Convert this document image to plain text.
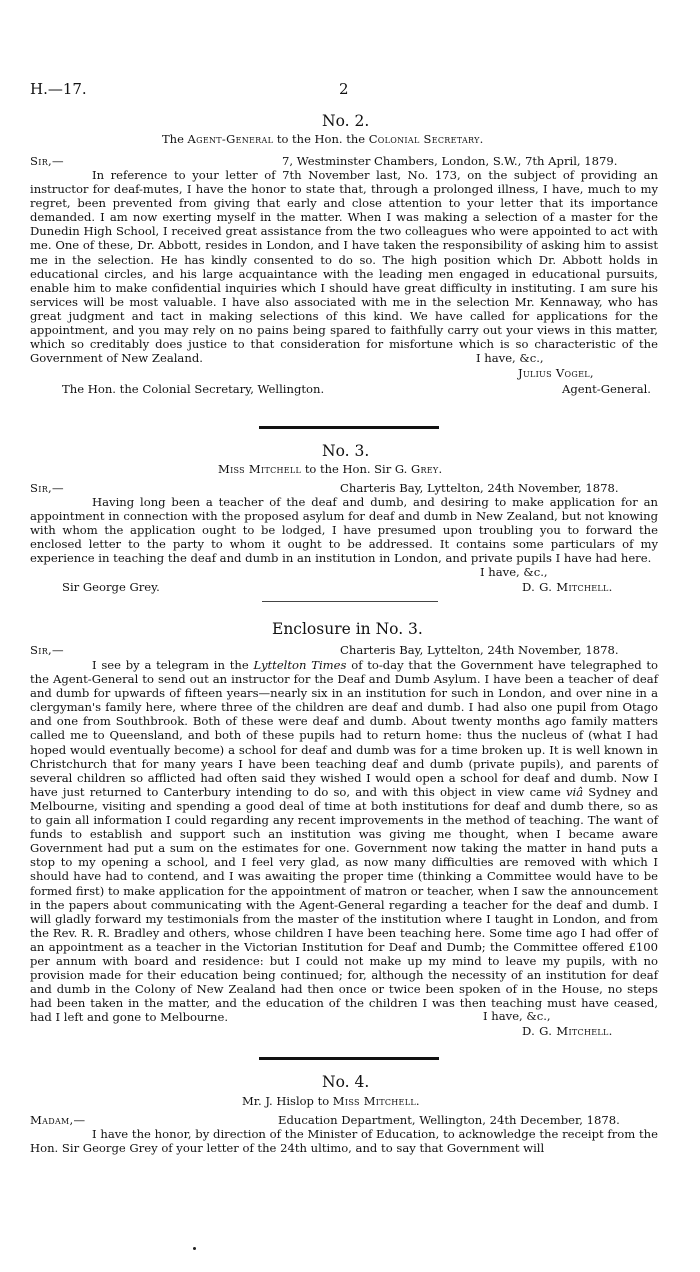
H.—17.	2
No. 2.
The Agent-General to the Hon. the Colonial Secretary.
Sir,—	7, Westminster Chambers, London, S.W., 7th April, 1879.

In reference to your letter of 7th November last, No. 173, on the subject of providing an instructor for deaf-mutes, I have the honor to state that, through a prolonged illness, I have, much to my regret, been prevented from giving that early and close attention to your letter that its importance demanded. I am now exerting myself in the matter. When I was making a selection of a master for the Dunedin High School, I received great assistance from the two colleagues who were appointed to act with me. One of these, Dr. Abbott, resides in London, and I have taken the responsibility of asking him to assist me in the selection. He has kindly consented to do so. The high position which Dr. Abbott holds in educational circles, and his large acquaintance with the leading men engaged in educational pursuits, enable him to make confidential inquiries which I should have great difficulty in instituting. I am sure his services will be most valuable. I have also associated with me in the selection Mr. Kennaway, who has great judgment and tact in making selections of this kind. We have called for applications for the appointment, and you may rely on no pains being spared to faithfully carry out your views in this matter, which so creditably does justice to that consideration for misfortune which is so characteristic of the Government of New Zealand.	I have, &c.,
Julius Vogel,
The Hon. the Colonial Secretary, Wellington.	Agent-General.
No. 3.
Miss Mitchell to the Hon. Sir G. Grey.
Sir,—	Charteris Bay, Lyttelton, 24th November, 1878.

Having long been a teacher of the deaf and dumb, and desiring to make application for an appointment in connection with the proposed asylum for deaf and dumb in New Zealand, but not knowing with whom the application ought to be lodged, I have presumed upon troubling you to forward the enclosed letter to the party to whom it ought to be addressed. It contains some particulars of my experience in teaching the deaf and dumb in an institution in London, and private pupils I have had here.

I have, &c.,
Sir George Grey.	D. G. Mitchell.
Enclosure in No. 3.
Sir,—	Charteris Bay, Lyttelton, 24th November, 1878.

I see by a telegram in the Lyttelton Times of to-day that the Government have telegraphed to the Agent-General to send out an instructor for the Deaf and Dumb Asylum. I have been a teacher of deaf and dumb for upwards of fifteen years—nearly six in an institution for such in London, and over nine in a clergyman's family here, where three of the children are deaf and dumb. I had also one pupil from Otago and one from Southbrook. Both of these were deaf and dumb. About twenty months ago family matters called me to Queensland, and both of these pupils had to return home: thus the nucleus of (what I had hoped would eventually become) a school for deaf and dumb was for a time broken up. It is well known in Christchurch that for many years I have been teaching deaf and dumb (private pupils), and parents of several children so afflicted had often said they wished I would open a school for deaf and dumb. Now I have just returned to Canterbury intending to do so, and with this object in view came viâ Sydney and Melbourne, visiting and spending a good deal of time at both institutions for deaf and dumb there, so as to gain all information I could regarding any recent improvements in the method of teaching. The want of funds to establish and support such an institution was giving me thought, when I became aware Government had put a sum on the estimates for one. Government now taking the matter in hand puts a stop to my opening a school, and I feel very glad, as now many difficulties are removed with which I should have had to contend, and I was awaiting the proper time (thinking a Committee would have to be formed first) to make application for the appointment of matron or teacher, when I saw the announcement in the papers about communicating with the Agent-General regarding a teacher for the deaf and dumb. I will gladly forward my testimonials from the master of the institution where I taught in London, and from the Rev. R. R. Bradley and others, whose children I have been teaching here. Some time ago I had offer of an appointment as a teacher in the Victorian Institution for Deaf and Dumb; the Committee offered £100 per annum with board and residence: but I could not make up my mind to leave my pupils, with no provision made for their education being continued; for, although the necessity of an institution for deaf and dumb in the Colony of New Zealand had then once or twice been spoken of in the House, no steps had been taken in the matter, and the education of the children I was then teaching must have ceased, had I left and gone to Melbourne.	I have, &c.,
D. G. Mitchell.
No. 4.
Mr. J. Hislop to Miss Mitchell.
Madam,—	Education Department, Wellington, 24th December, 1878.

I have the honor, by direction of the Minister of Education, to acknowledge the receipt from the Hon. Sir George Grey of your letter of the 24th ultimo, and to say that Government will
